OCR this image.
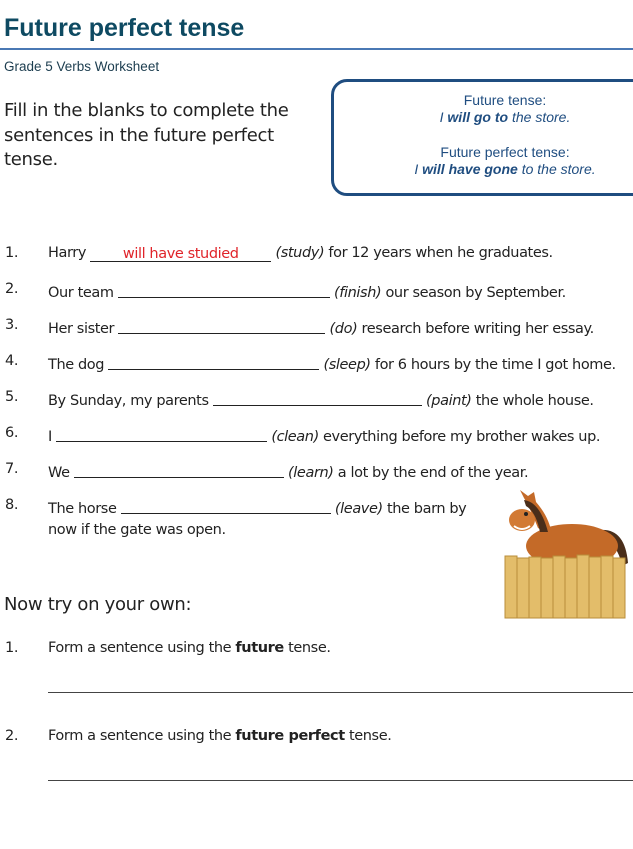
Future perfect tense
Grade 5 Verbs Worksheet
Fill in the blanks to complete the sentences in the future perfect tense.
Future tense:
I will go to the store.
Future perfect tense:
I will have gone to the store.
1. Harry will have studied	(study) for 12 years when he graduates.
2. Our team	(finish) our season by September.
3. Her sister	(do) research before writing her essay.
4. The dog	(sleep) for 6 hours by the time I got home.
5. By Sunday, my parents	(paint) the whole house.
6. I	(clean) everything before my brother wakes up.
7. We	(learn) a lot by the end of the year.
8. The horse	(leave) the barn by
now if the gate was open.
Now try on your own:
1. Form a sentence using the future tense.
2. Form a sentence using the future perfect tense.
